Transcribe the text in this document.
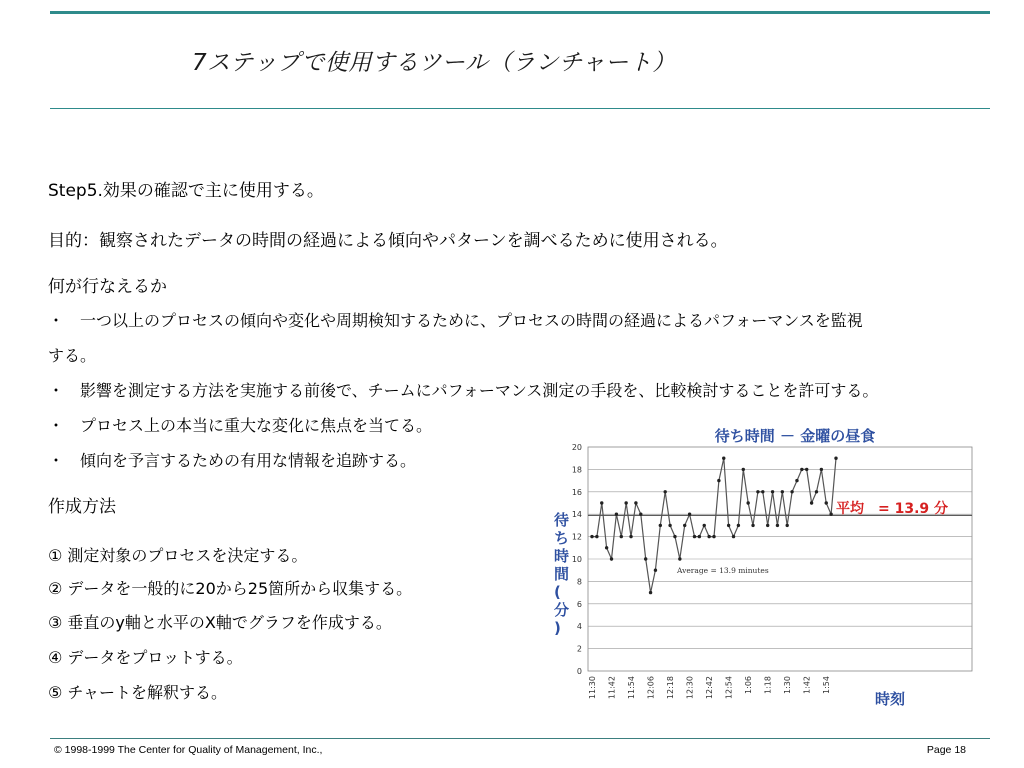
7ステップで使用するツール（ランチャート）
Step5.効果の確認で主に使用する。
目的：観察されたデータの時間の経過による傾向やパターンを調べるために使用される。
何が行なえるか
・　一つ以上のプロセスの傾向や変化や周期検知するために、プロセスの時間の経過によるパフォーマンスを監視
する。
・　影響を測定する方法を実施する前後で、チームにパフォーマンス測定の手段を、比較検討することを許可する。
・　プロセス上の本当に重大な変化に焦点を当てる。
・　傾向を予言するための有用な情報を追跡する。
作成方法
① 測定対象のプロセスを決定する。
② データを一般的に20から25箇所から収集する。
③ 垂直のy軸と水平のX軸でグラフを作成する。
④ データをプロットする。
⑤ チャートを解釈する。
待ち時間 － 金曜の昼食
0
2
4
6
8
10
12
14
16
18
20
11:30 11:42 11:54 12:06 12:18 12:30 12:42 12:54 1:06 1:18 1:30 1:42 1:54
Average = 13.9 minutes
平均　= 13.9 分
待ち時間(分)
時刻
© 1998-1999 The Center for Quality of Management, Inc.,	Page 18
